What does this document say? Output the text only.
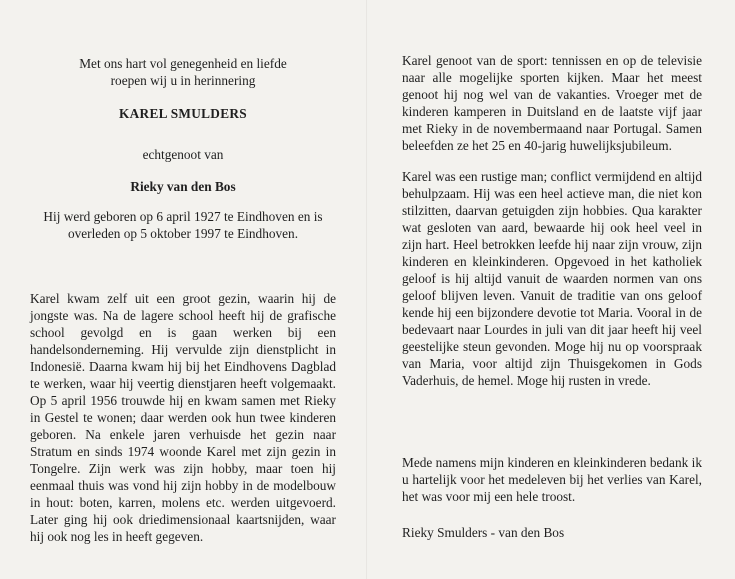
Met ons hart vol genegenheid en liefde

roepen wij u in herinnering

KAREL SMULDERS
echtgenoot van
Rieky van den Bos
Hij werd geboren op 6 april 1927 te Eindhoven en is overleden op 5 oktober 1997 te Eindhoven.
Karel kwam zelf uit een groot gezin, waarin hij de jongste was. Na de lagere school heeft hij de grafische school gevolgd en is gaan werken bij een handelsonderneming. Hij vervulde zijn dienstplicht in Indonesië. Daarna kwam hij bij het Eindhovens Dagblad te werken, waar hij veertig dienstjaren heeft volgemaakt. Op 5 april 1956 trouwde hij en kwam samen met Rieky in Gestel te wonen; daar werden ook hun twee kinderen geboren. Na enkele jaren verhuisde het gezin naar Stratum en sinds 1974 woonde Karel met zijn gezin in Tongelre. Zijn werk was zijn hobby, maar toen hij eenmaal thuis was vond hij zijn hobby in de modelbouw in hout: boten, karren, molens etc. werden uitgevoerd. Later ging hij ook driedimensionaal kaartsnijden, waar hij ook nog les in heeft gegeven.
Karel genoot van de sport: tennissen en op de televisie naar alle mogelijke sporten kijken. Maar het meest genoot hij nog wel van de vakanties. Vroeger met de kinderen kamperen in Duitsland en de laatste vijf jaar met Rieky in de novembermaand naar Portugal. Samen beleefden ze het 25 en 40-jarig huwelijksjubileum.
Karel was een rustige man; conflict vermijdend en altijd behulpzaam. Hij was een heel actieve man, die niet kon stilzitten, daarvan getuigden zijn hobbies. Qua karakter wat gesloten van aard, bewaarde hij ook heel veel in zijn hart. Heel betrokken leefde hij naar zijn vrouw, zijn kinderen en kleinkinderen. Opgevoed in het katholiek geloof is hij altijd vanuit de waarden normen van ons geloof blijven leven. Vanuit de traditie van ons geloof kende hij een bijzondere devotie tot Maria. Vooral in de bedevaart naar Lourdes in juli van dit jaar heeft hij veel geestelijke steun gevonden. Moge hij nu op voorspraak van Maria, voor altijd zijn Thuisgekomen in Gods Vaderhuis, de hemel. Moge hij rusten in vrede.
Mede namens mijn kinderen en kleinkinderen bedank ik u hartelijk voor het medeleven bij het verlies van Karel, het was voor mij een hele troost.
Rieky Smulders - van den Bos
